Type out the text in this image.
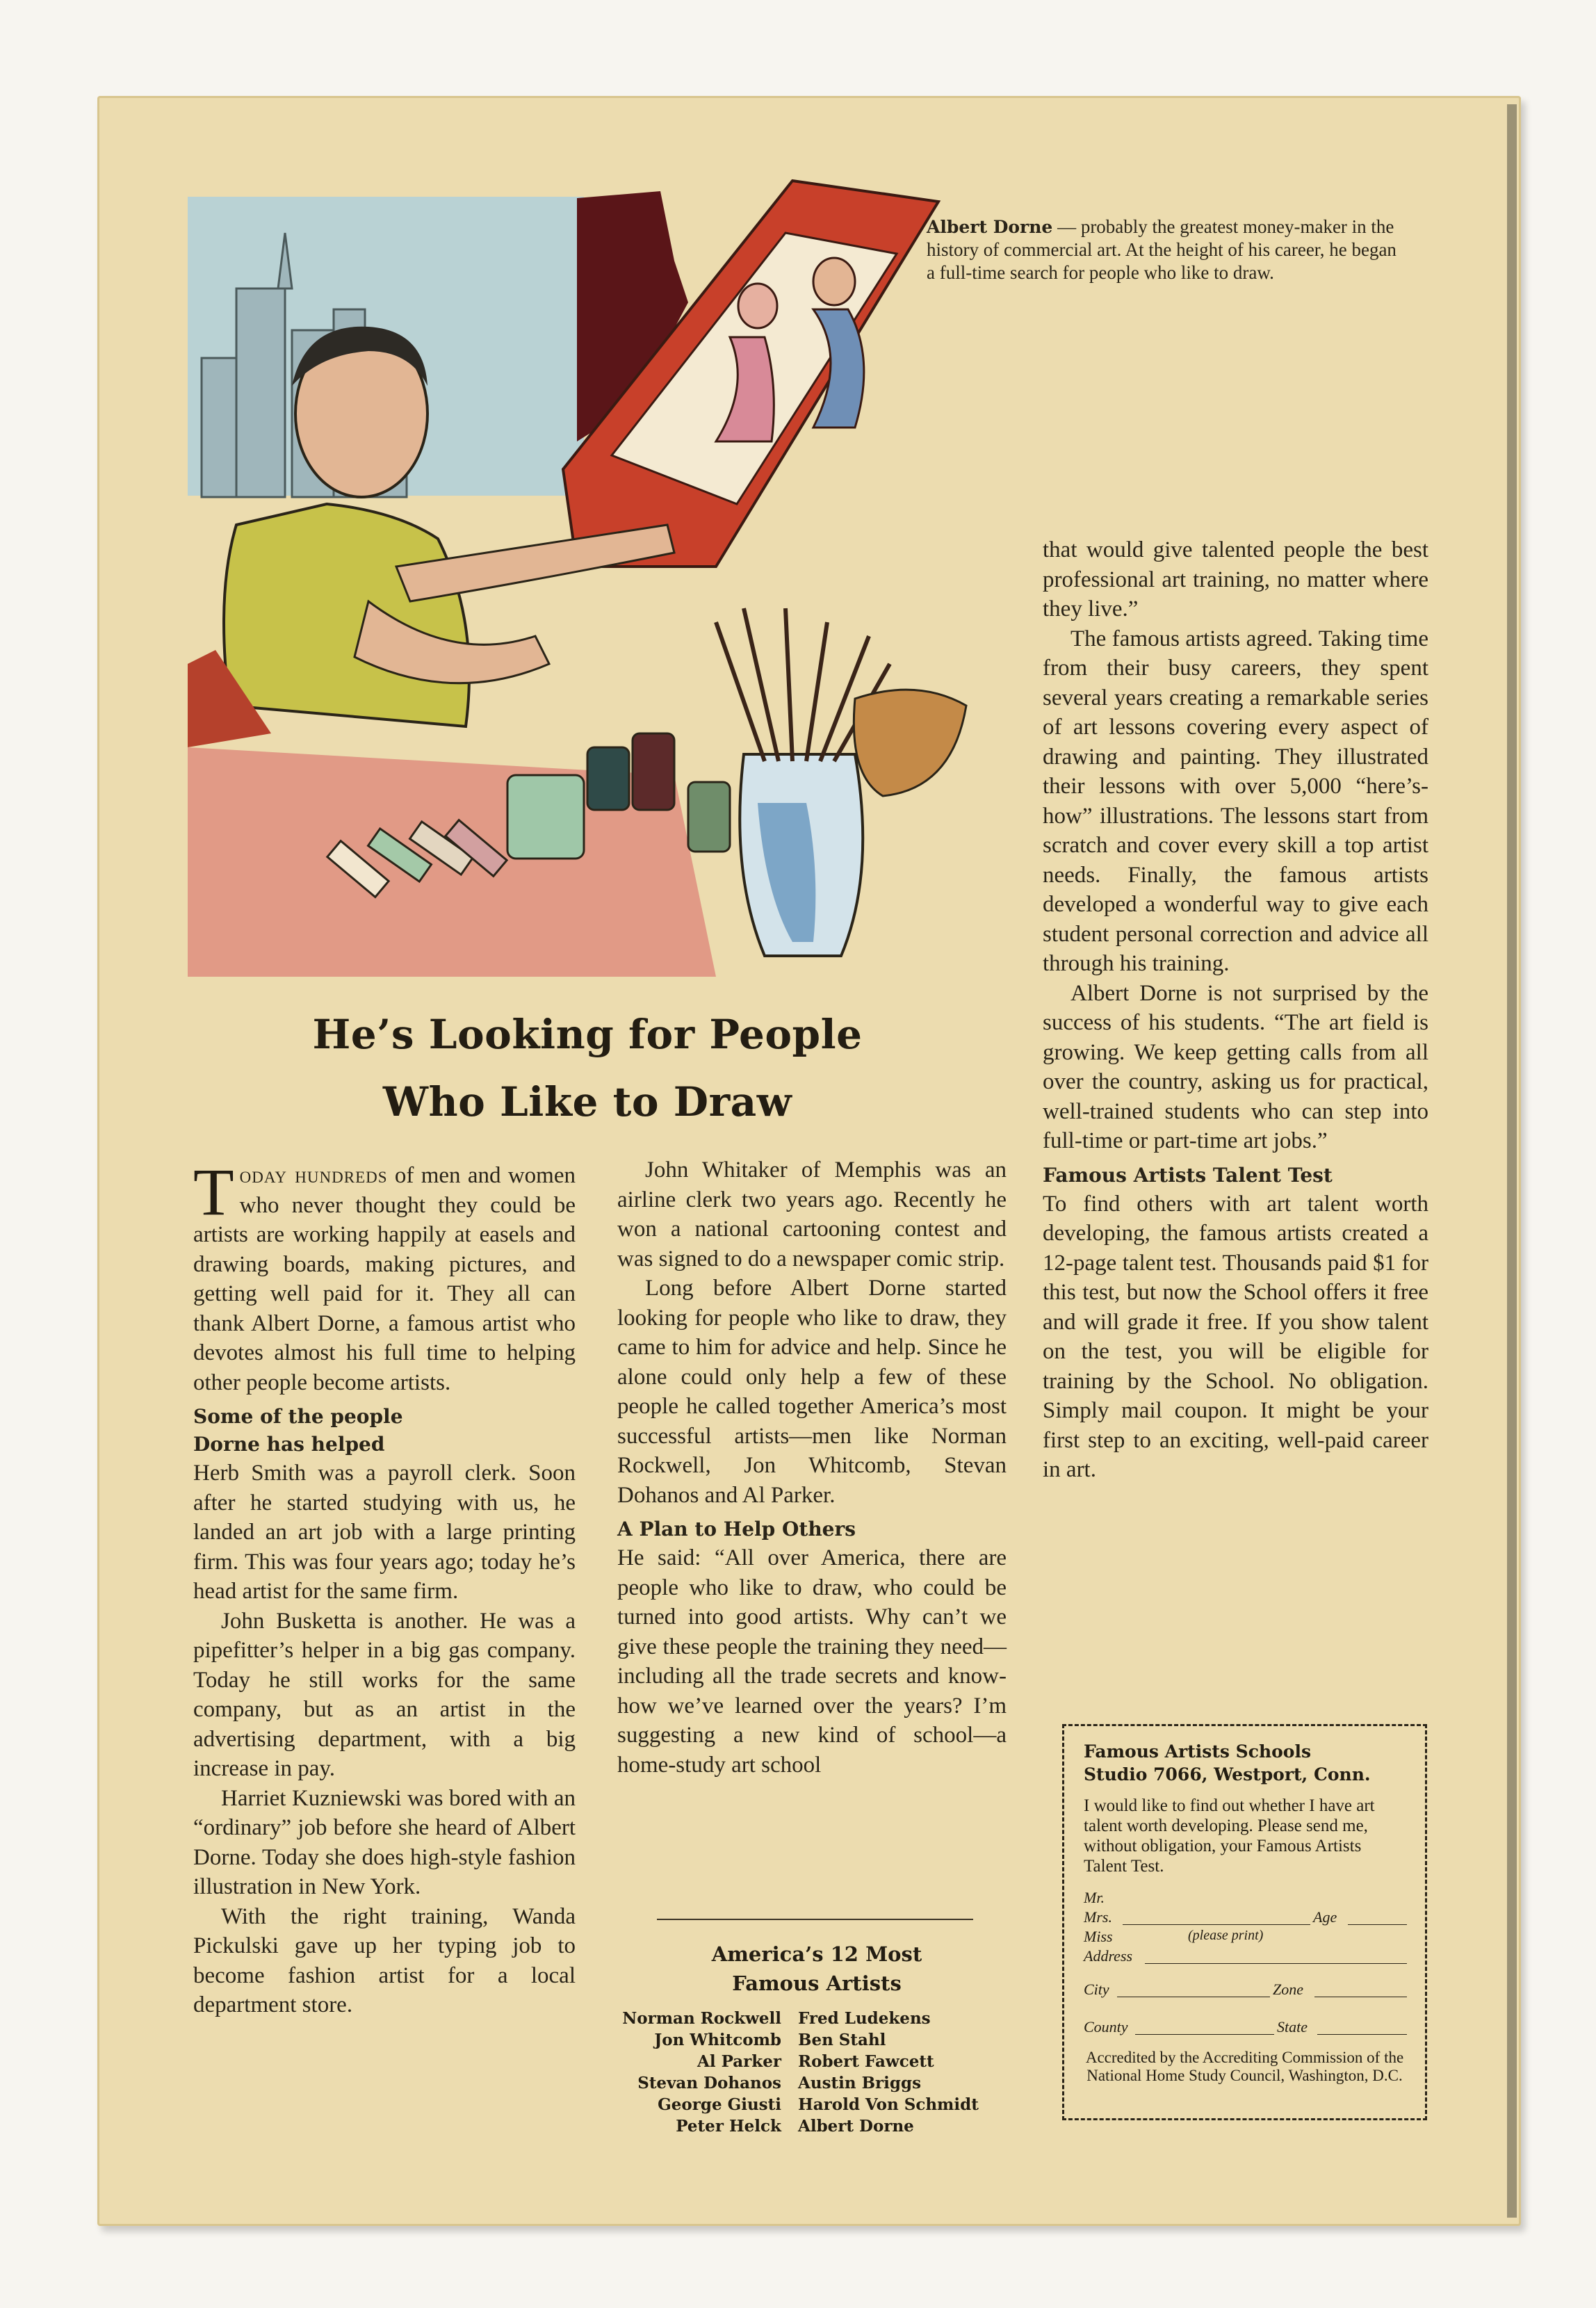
Albert Dorne — probably the greatest money-maker in the history of commercial art. At the height of his career, he began a full-time search for people who like to draw.
He’s Looking for People
Who Like to Draw

Today hundreds of men and women who never thought they could be artists are working happily at easels and drawing boards, making pictures, and getting well paid for it. They all can thank Albert Dorne, a famous artist who devotes almost his full time to helping other people become artists.

Some of the people
Dorne has helped

Herb Smith was a payroll clerk. Soon after he started studying with us, he landed an art job with a large printing firm. This was four years ago; today he’s head artist for the same firm.

John Busketta is another. He was a pipefitter’s helper in a big gas company. Today he still works for the same company, but as an artist in the advertising department, with a big increase in pay.

Harriet Kuzniewski was bored with an “ordinary” job before she heard of Albert Dorne. Today she does high-style fashion illustration in New York.

With the right training, Wanda Pickulski gave up her typing job to become fashion artist for a local department store.

John Whitaker of Memphis was an airline clerk two years ago. Recently he won a national cartooning contest and was signed to do a newspaper comic strip.

Long before Albert Dorne started looking for people who like to draw, they came to him for advice and help. Since he alone could only help a few of these people he called together America’s most successful artists—men like Norman Rockwell, Jon Whitcomb, Stevan Dohanos and Al Parker.

A Plan to Help Others

He said: “All over America, there are people who like to draw, who could be turned into good artists. Why can’t we give these people the training they need—including all the trade secrets and know-how we’ve learned over the years? I’m suggesting a new kind of school—a home-study art school

that would give talented people the best professional art training, no matter where they live.”

The famous artists agreed. Taking time from their busy careers, they spent several years creating a remarkable series of art lessons covering every aspect of drawing and painting. They illustrated their lessons with over 5,000 “here’s-how” illustrations. The lessons start from scratch and cover every skill a top artist needs. Finally, the famous artists developed a wonderful way to give each student personal correction and advice all through his training.

Albert Dorne is not surprised by the success of his students. “The art field is growing. We keep getting calls from all over the country, asking us for practical, well-trained students who can step into full-time or part-time art jobs.”

Famous Artists Talent Test

To find others with art talent worth developing, the famous artists created a 12-page talent test. Thousands paid $1 for this test, but now the School offers it free and will grade it free. If you show talent on the test, you will be eligible for training by the School. No obligation. Simply mail coupon. It might be your first step to an exciting, well-paid career in art.

America’s 12 Most
Famous Artists
Norman Rockwell	Fred Ludekens
Jon Whitcomb	Ben Stahl
Al Parker	Robert Fawcett
Stevan Dohanos	Austin Briggs
George Giusti	Harold Von Schmidt
Peter Helck	Albert Dorne
Famous Artists Schools
Studio 7066, Westport, Conn.
I would like to find out whether I have art talent worth developing. Please send me, without obligation, your Famous Artists Talent Test.
Mr.
Mrs.	Age
Miss	(please print)
Address
City	Zone
County	State
Accredited by the Accrediting Commission of the National Home Study Council, Washington, D.C.
